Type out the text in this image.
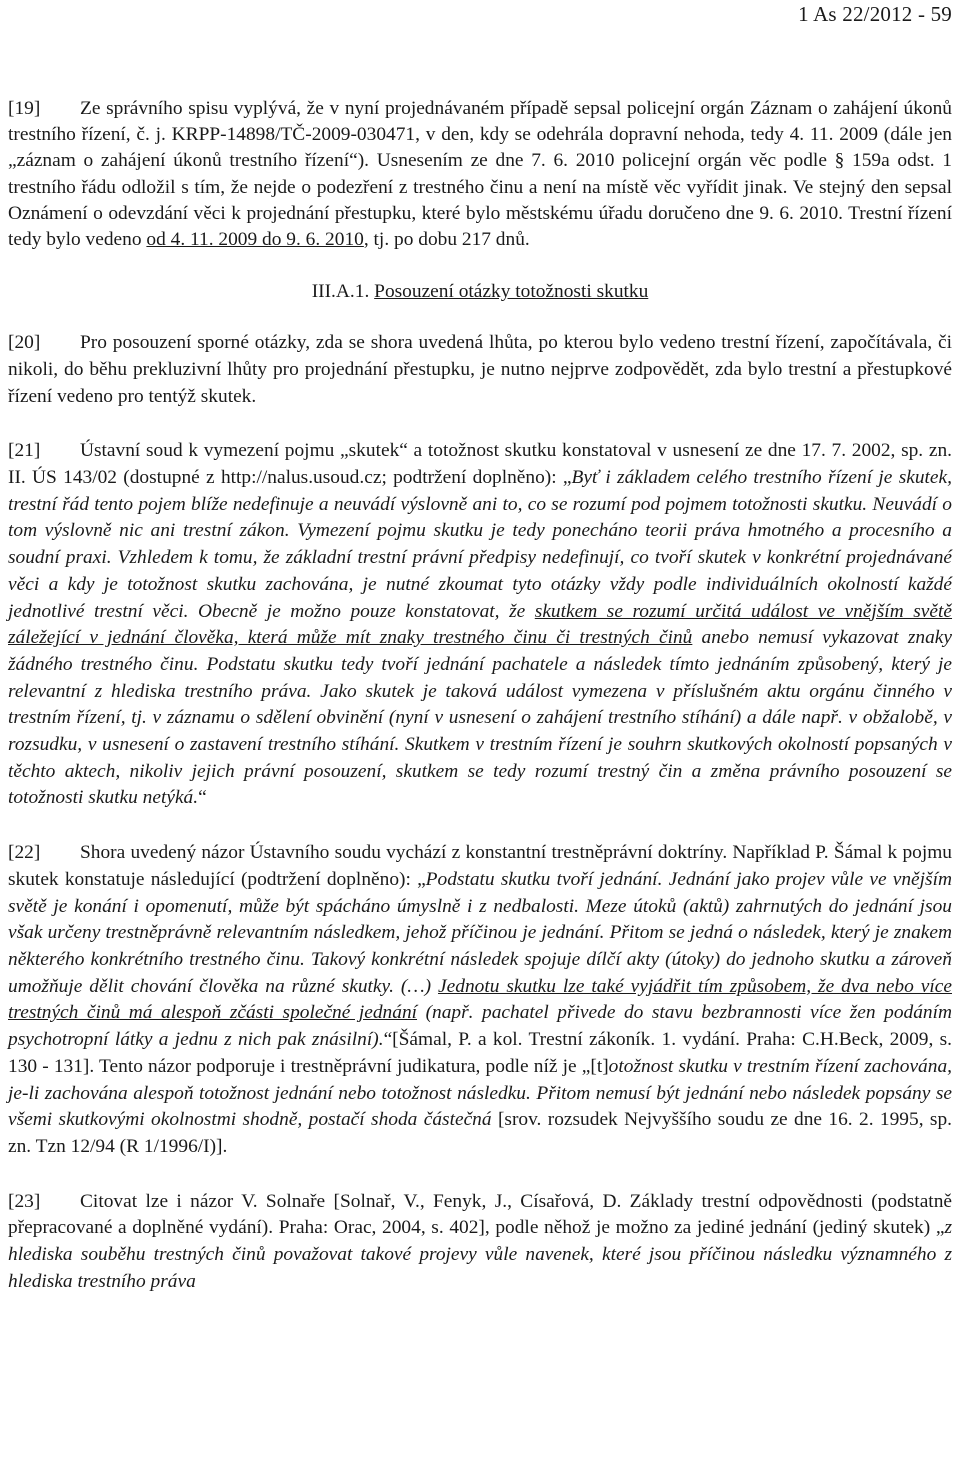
1 As 22/2012 - 59

[19] Ze správního spisu vyplývá, že v nyní projednávaném případě sepsal policejní orgán Záznam o zahájení úkonů trestního řízení, č. j. KRPP-14898/TČ-2009-030471, v den, kdy se odehrála dopravní nehoda, tedy 4. 11. 2009 (dále jen „záznam o zahájení úkonů trestního řízení“). Usnesením ze dne 7. 6. 2010 policejní orgán věc podle § 159a odst. 1 trestního řádu odložil s tím, že nejde o podezření z trestného činu a není na místě věc vyřídit jinak. Ve stejný den sepsal Oznámení o odevzdání věci k projednání přestupku, které bylo městskému úřadu doručeno dne 9. 6. 2010. Trestní řízení tedy bylo vedeno od 4. 11. 2009 do 9. 6. 2010, tj. po dobu 217 dnů.

III.A.1. Posouzení otázky totožnosti skutku

[20] Pro posouzení sporné otázky, zda se shora uvedená lhůta, po kterou bylo vedeno trestní řízení, započítávala, či nikoli, do běhu prekluzivní lhůty pro projednání přestupku, je nutno nejprve zodpovědět, zda bylo trestní a přestupkové řízení vedeno pro tentýž skutek.

[21] Ústavní soud k vymezení pojmu „skutek“ a totožnost skutku konstatoval v usnesení ze dne 17. 7. 2002, sp. zn. II. ÚS 143/02 (dostupné z http://nalus.usoud.cz; podtržení doplněno): „Byť i základem celého trestního řízení je skutek, trestní řád tento pojem blíže nedefinuje a neuvádí výslovně ani to, co se rozumí pod pojmem totožnosti skutku. Neuvádí o tom výslovně nic ani trestní zákon. Vymezení pojmu skutku je tedy ponecháno teorii práva hmotného a procesního a soudní praxi. Vzhledem k tomu, že základní trestní právní předpisy nedefinují, co tvoří skutek v konkrétní projednávané věci a kdy je totožnost skutku zachována, je nutné zkoumat tyto otázky vždy podle individuálních okolností každé jednotlivé trestní věci. Obecně je možno pouze konstatovat, že skutkem se rozumí určitá událost ve vnějším světě záležející v jednání člověka, která může mít znaky trestného činu či trestných činů anebo nemusí vykazovat znaky žádného trestného činu. Podstatu skutku tedy tvoří jednání pachatele a následek tímto jednáním způsobený, který je relevantní z hlediska trestního práva. Jako skutek je taková událost vymezena v příslušném aktu orgánu činného v trestním řízení, tj. v záznamu o sdělení obvinění (nyní v usnesení o zahájení trestního stíhání) a dále např. v obžalobě, v rozsudku, v usnesení o zastavení trestního stíhání. Skutkem v trestním řízení je souhrn skutkových okolností popsaných v těchto aktech, nikoliv jejich právní posouzení, skutkem se tedy rozumí trestný čin a změna právního posouzení se totožnosti skutku netýká.“

[22] Shora uvedený názor Ústavního soudu vychází z konstantní trestněprávní doktríny. Například P. Šámal k pojmu skutek konstatuje následující (podtržení doplněno): „Podstatu skutku tvoří jednání. Jednání jako projev vůle ve vnějším světě je konání i opomenutí, může být spácháno úmyslně i z nedbalosti. Meze útoků (aktů) zahrnutých do jednání jsou však určeny trestněprávně relevantním následkem, jehož příčinou je jednání. Přitom se jedná o následek, který je znakem některého konkrétního trestného činu. Takový konkrétní následek spojuje dílčí akty (útoky) do jednoho skutku a zároveň umožňuje dělit chování člověka na různé skutky. (…) Jednotu skutku lze také vyjádřit tím způsobem, že dva nebo více trestných činů má alespoň zčásti společné jednání (např. pachatel přivede do stavu bezbrannosti více žen podáním psychotropní látky a jednu z nich pak znásilní).“[Šámal, P. a kol. Trestní zákoník. 1. vydání. Praha: C.H.Beck, 2009, s. 130 - 131]. Tento názor podporuje i trestněprávní judikatura, podle níž je „[t]otožnost skutku v trestním řízení zachována, je-li zachována alespoň totožnost jednání nebo totožnost následku. Přitom nemusí být jednání nebo následek popsány se všemi skutkovými okolnostmi shodně, postačí shoda částečná [srov. rozsudek Nejvyššího soudu ze dne 16. 2. 1995, sp. zn. Tzn 12/94 (R 1/1996/I)].

[23] Citovat lze i názor V. Solnaře [Solnař, V., Fenyk, J., Císařová, D. Základy trestní odpovědnosti (podstatně přepracované a doplněné vydání). Praha: Orac, 2004, s. 402], podle něhož je možno za jediné jednání (jediný skutek) „z hlediska souběhu trestných činů považovat takové projevy vůle navenek, které jsou příčinou následku významného z hlediska trestního práva
